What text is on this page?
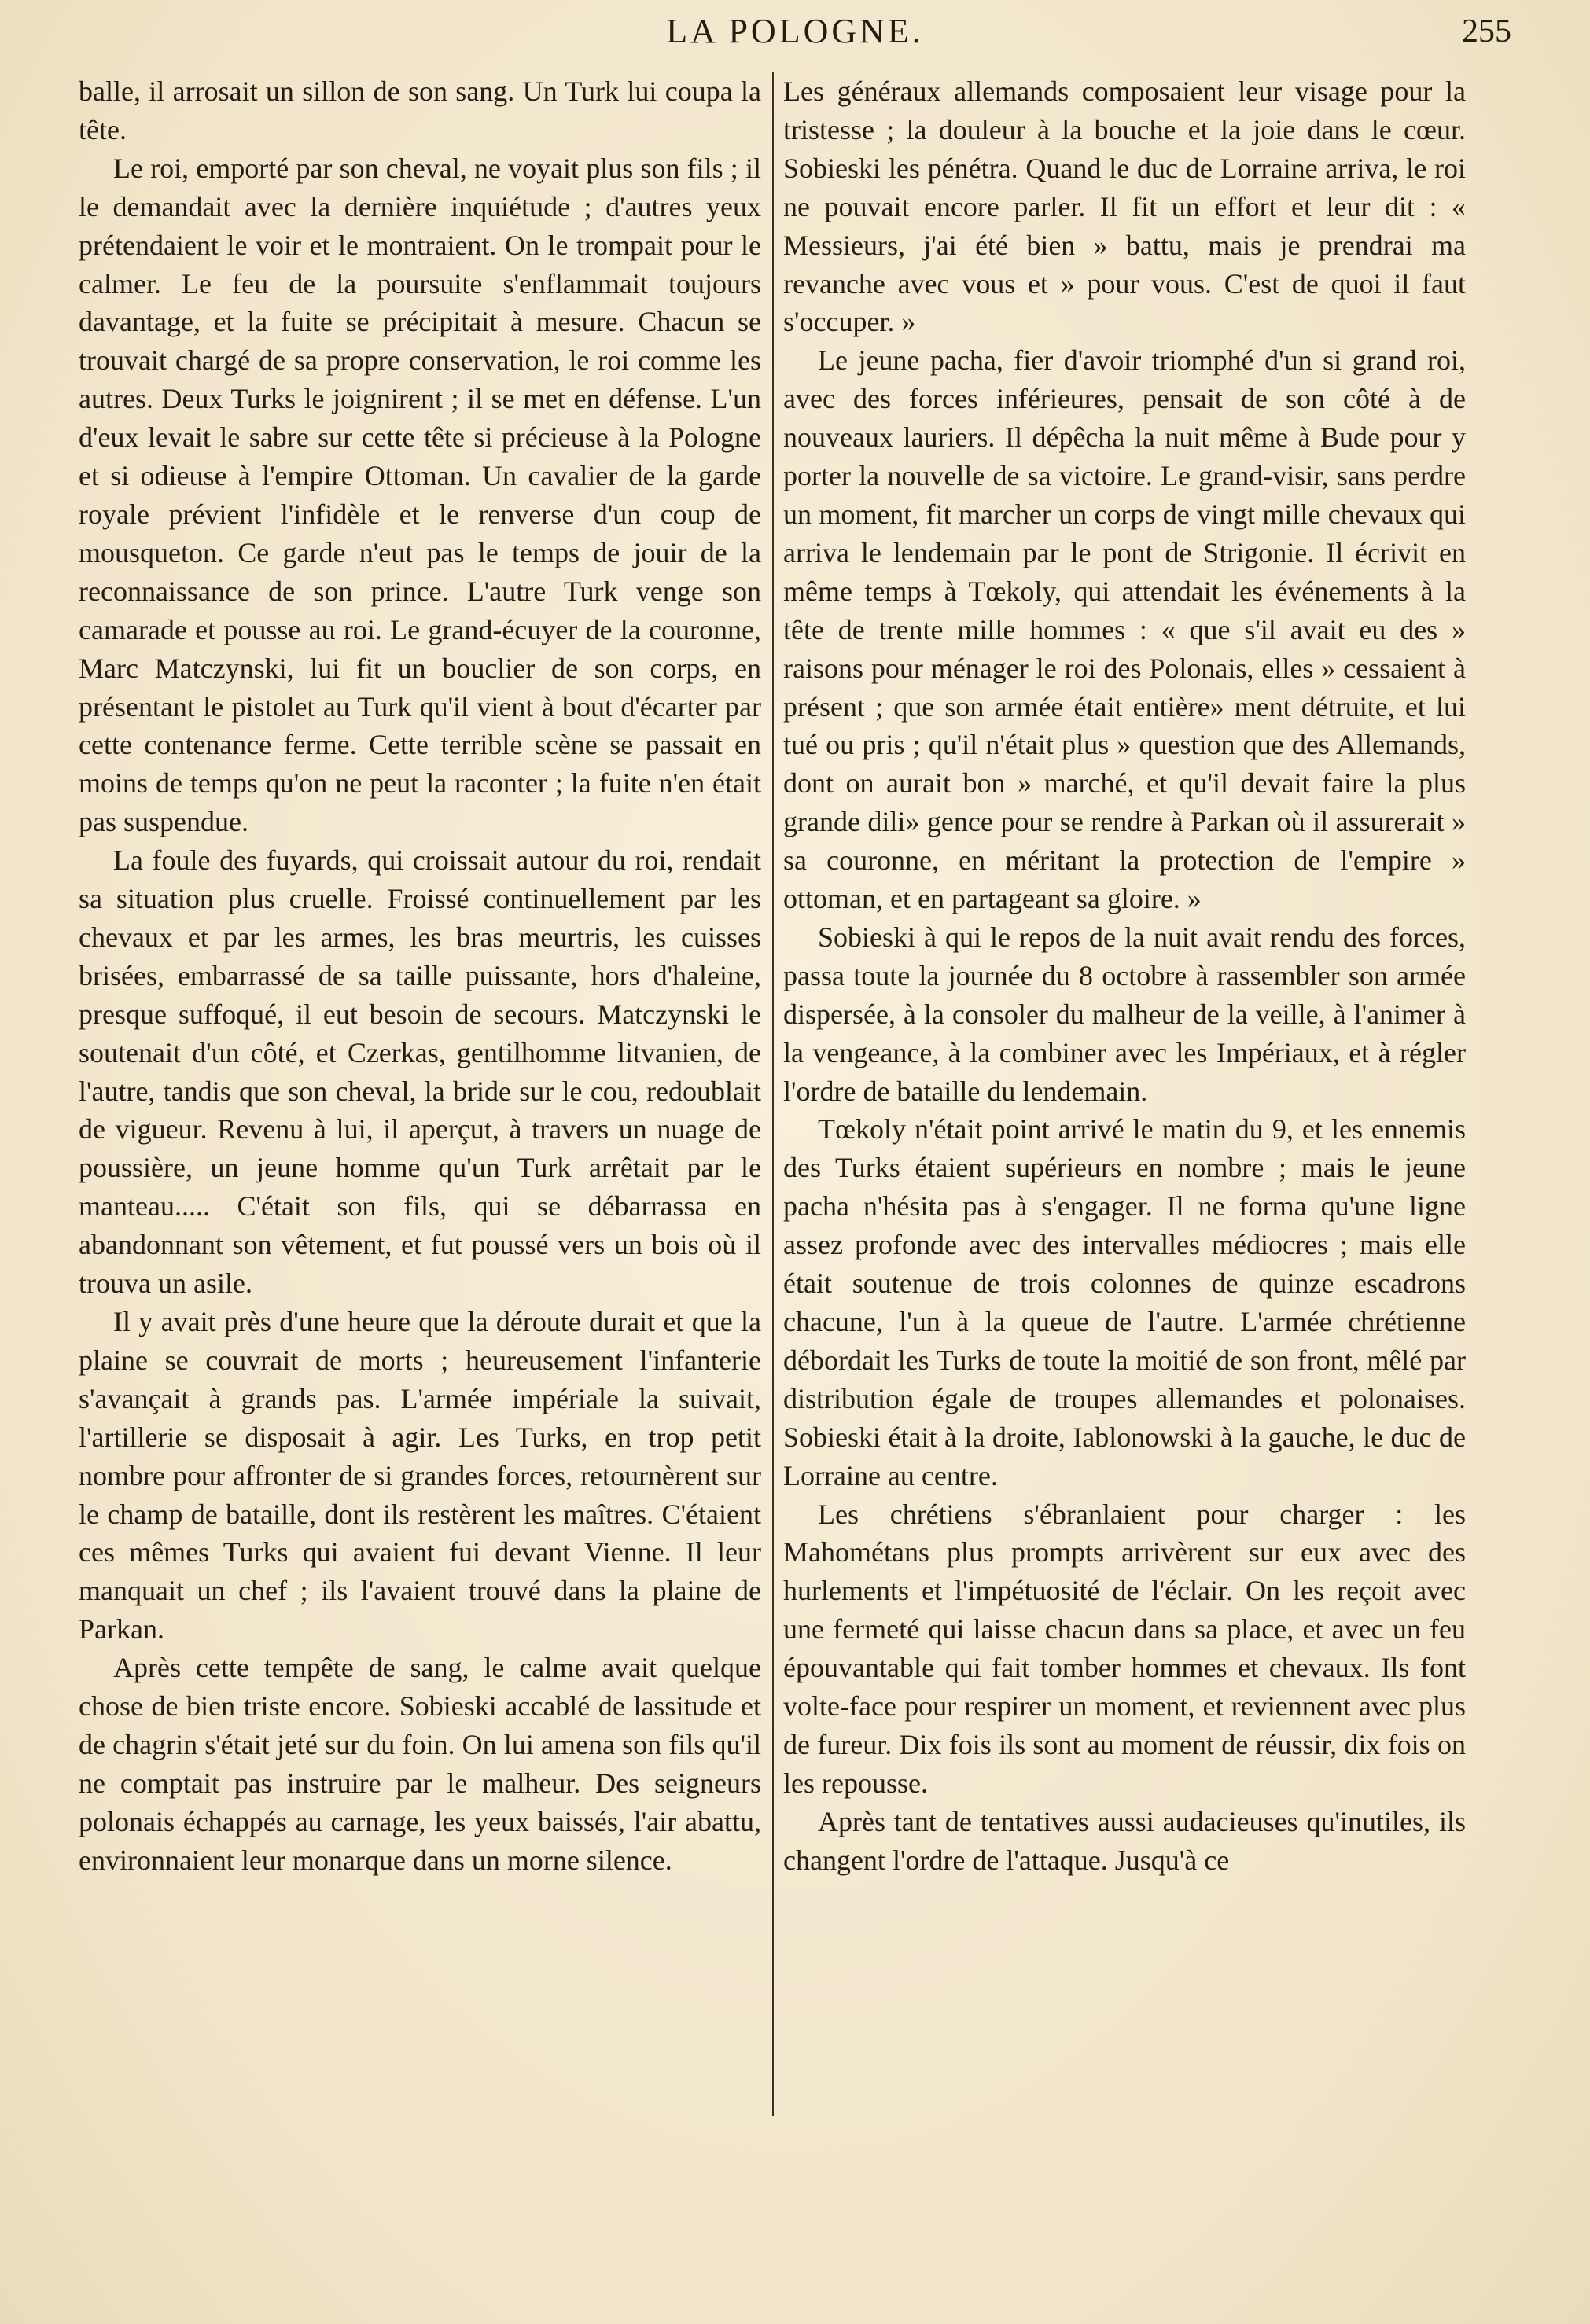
LA POLOGNE.	255

balle, il arrosait un sillon de son sang. Un Turk lui coupa la tête.

Le roi, emporté par son cheval, ne voyait plus son fils ; il le demandait avec la dernière inquiétude ; d'autres yeux prétendaient le voir et le montraient. On le trompait pour le calmer. Le feu de la poursuite s'enflammait toujours davantage, et la fuite se précipitait à mesure. Chacun se trouvait chargé de sa propre conservation, le roi comme les autres. Deux Turks le joignirent ; il se met en défense. L'un d'eux levait le sabre sur cette tête si précieuse à la Pologne et si odieuse à l'empire Ottoman. Un cavalier de la garde royale prévient l'infidèle et le renverse d'un coup de mousqueton. Ce garde n'eut pas le temps de jouir de la reconnaissance de son prince. L'autre Turk venge son camarade et pousse au roi. Le grand-écuyer de la couronne, Marc Matczynski, lui fit un bouclier de son corps, en présentant le pistolet au Turk qu'il vient à bout d'écarter par cette contenance ferme. Cette terrible scène se passait en moins de temps qu'on ne peut la raconter ; la fuite n'en était pas suspendue.

La foule des fuyards, qui croissait autour du roi, rendait sa situation plus cruelle. Froissé continuellement par les chevaux et par les armes, les bras meurtris, les cuisses brisées, embarrassé de sa taille puissante, hors d'haleine, presque suffoqué, il eut besoin de secours. Matczynski le soutenait d'un côté, et Czerkas, gentilhomme litvanien, de l'autre, tandis que son cheval, la bride sur le cou, redoublait de vigueur. Revenu à lui, il aperçut, à travers un nuage de poussière, un jeune homme qu'un Turk arrêtait par le manteau..... C'était son fils, qui se débarrassa en abandonnant son vêtement, et fut poussé vers un bois où il trouva un asile.

Il y avait près d'une heure que la déroute durait et que la plaine se couvrait de morts ; heureusement l'infanterie s'avançait à grands pas. L'armée impériale la suivait, l'artillerie se disposait à agir. Les Turks, en trop petit nombre pour affronter de si grandes forces, retournèrent sur le champ de bataille, dont ils restèrent les maîtres. C'étaient ces mêmes Turks qui avaient fui devant Vienne. Il leur manquait un chef ; ils l'avaient trouvé dans la plaine de Parkan.

Après cette tempête de sang, le calme avait quelque chose de bien triste encore. Sobieski accablé de lassitude et de chagrin s'était jeté sur du foin. On lui amena son fils qu'il ne comptait pas instruire par le malheur. Des seigneurs polonais échappés au carnage, les yeux baissés, l'air abattu, environnaient leur monarque dans un morne silence.

Les généraux allemands composaient leur visage pour la tristesse ; la douleur à la bouche et la joie dans le cœur. Sobieski les pénétra. Quand le duc de Lorraine arriva, le roi ne pouvait encore parler. Il fit un effort et leur dit : « Messieurs, j'ai été bien » battu, mais je prendrai ma revanche avec vous et » pour vous. C'est de quoi il faut s'occuper. »

Le jeune pacha, fier d'avoir triomphé d'un si grand roi, avec des forces inférieures, pensait de son côté à de nouveaux lauriers. Il dépêcha la nuit même à Bude pour y porter la nouvelle de sa victoire. Le grand-visir, sans perdre un moment, fit marcher un corps de vingt mille chevaux qui arriva le lendemain par le pont de Strigonie. Il écrivit en même temps à Tœkoly, qui attendait les événements à la tête de trente mille hommes : « que s'il avait eu des » raisons pour ménager le roi des Polonais, elles » cessaient à présent ; que son armée était entière» ment détruite, et lui tué ou pris ; qu'il n'était plus » question que des Allemands, dont on aurait bon » marché, et qu'il devait faire la plus grande dili» gence pour se rendre à Parkan où il assurerait » sa couronne, en méritant la protection de l'empire » ottoman, et en partageant sa gloire. »

Sobieski à qui le repos de la nuit avait rendu des forces, passa toute la journée du 8 octobre à rassembler son armée dispersée, à la consoler du malheur de la veille, à l'animer à la vengeance, à la combiner avec les Impériaux, et à régler l'ordre de bataille du lendemain.

Tœkoly n'était point arrivé le matin du 9, et les ennemis des Turks étaient supérieurs en nombre ; mais le jeune pacha n'hésita pas à s'engager. Il ne forma qu'une ligne assez profonde avec des intervalles médiocres ; mais elle était soutenue de trois colonnes de quinze escadrons chacune, l'un à la queue de l'autre. L'armée chrétienne débordait les Turks de toute la moitié de son front, mêlé par distribution égale de troupes allemandes et polonaises. Sobieski était à la droite, Iablonowski à la gauche, le duc de Lorraine au centre.

Les chrétiens s'ébranlaient pour charger : les Mahométans plus prompts arrivèrent sur eux avec des hurlements et l'impétuosité de l'éclair. On les reçoit avec une fermeté qui laisse chacun dans sa place, et avec un feu épouvantable qui fait tomber hommes et chevaux. Ils font volte-face pour respirer un moment, et reviennent avec plus de fureur. Dix fois ils sont au moment de réussir, dix fois on les repousse.

Après tant de tentatives aussi audacieuses qu'inutiles, ils changent l'ordre de l'attaque. Jusqu'à ce
